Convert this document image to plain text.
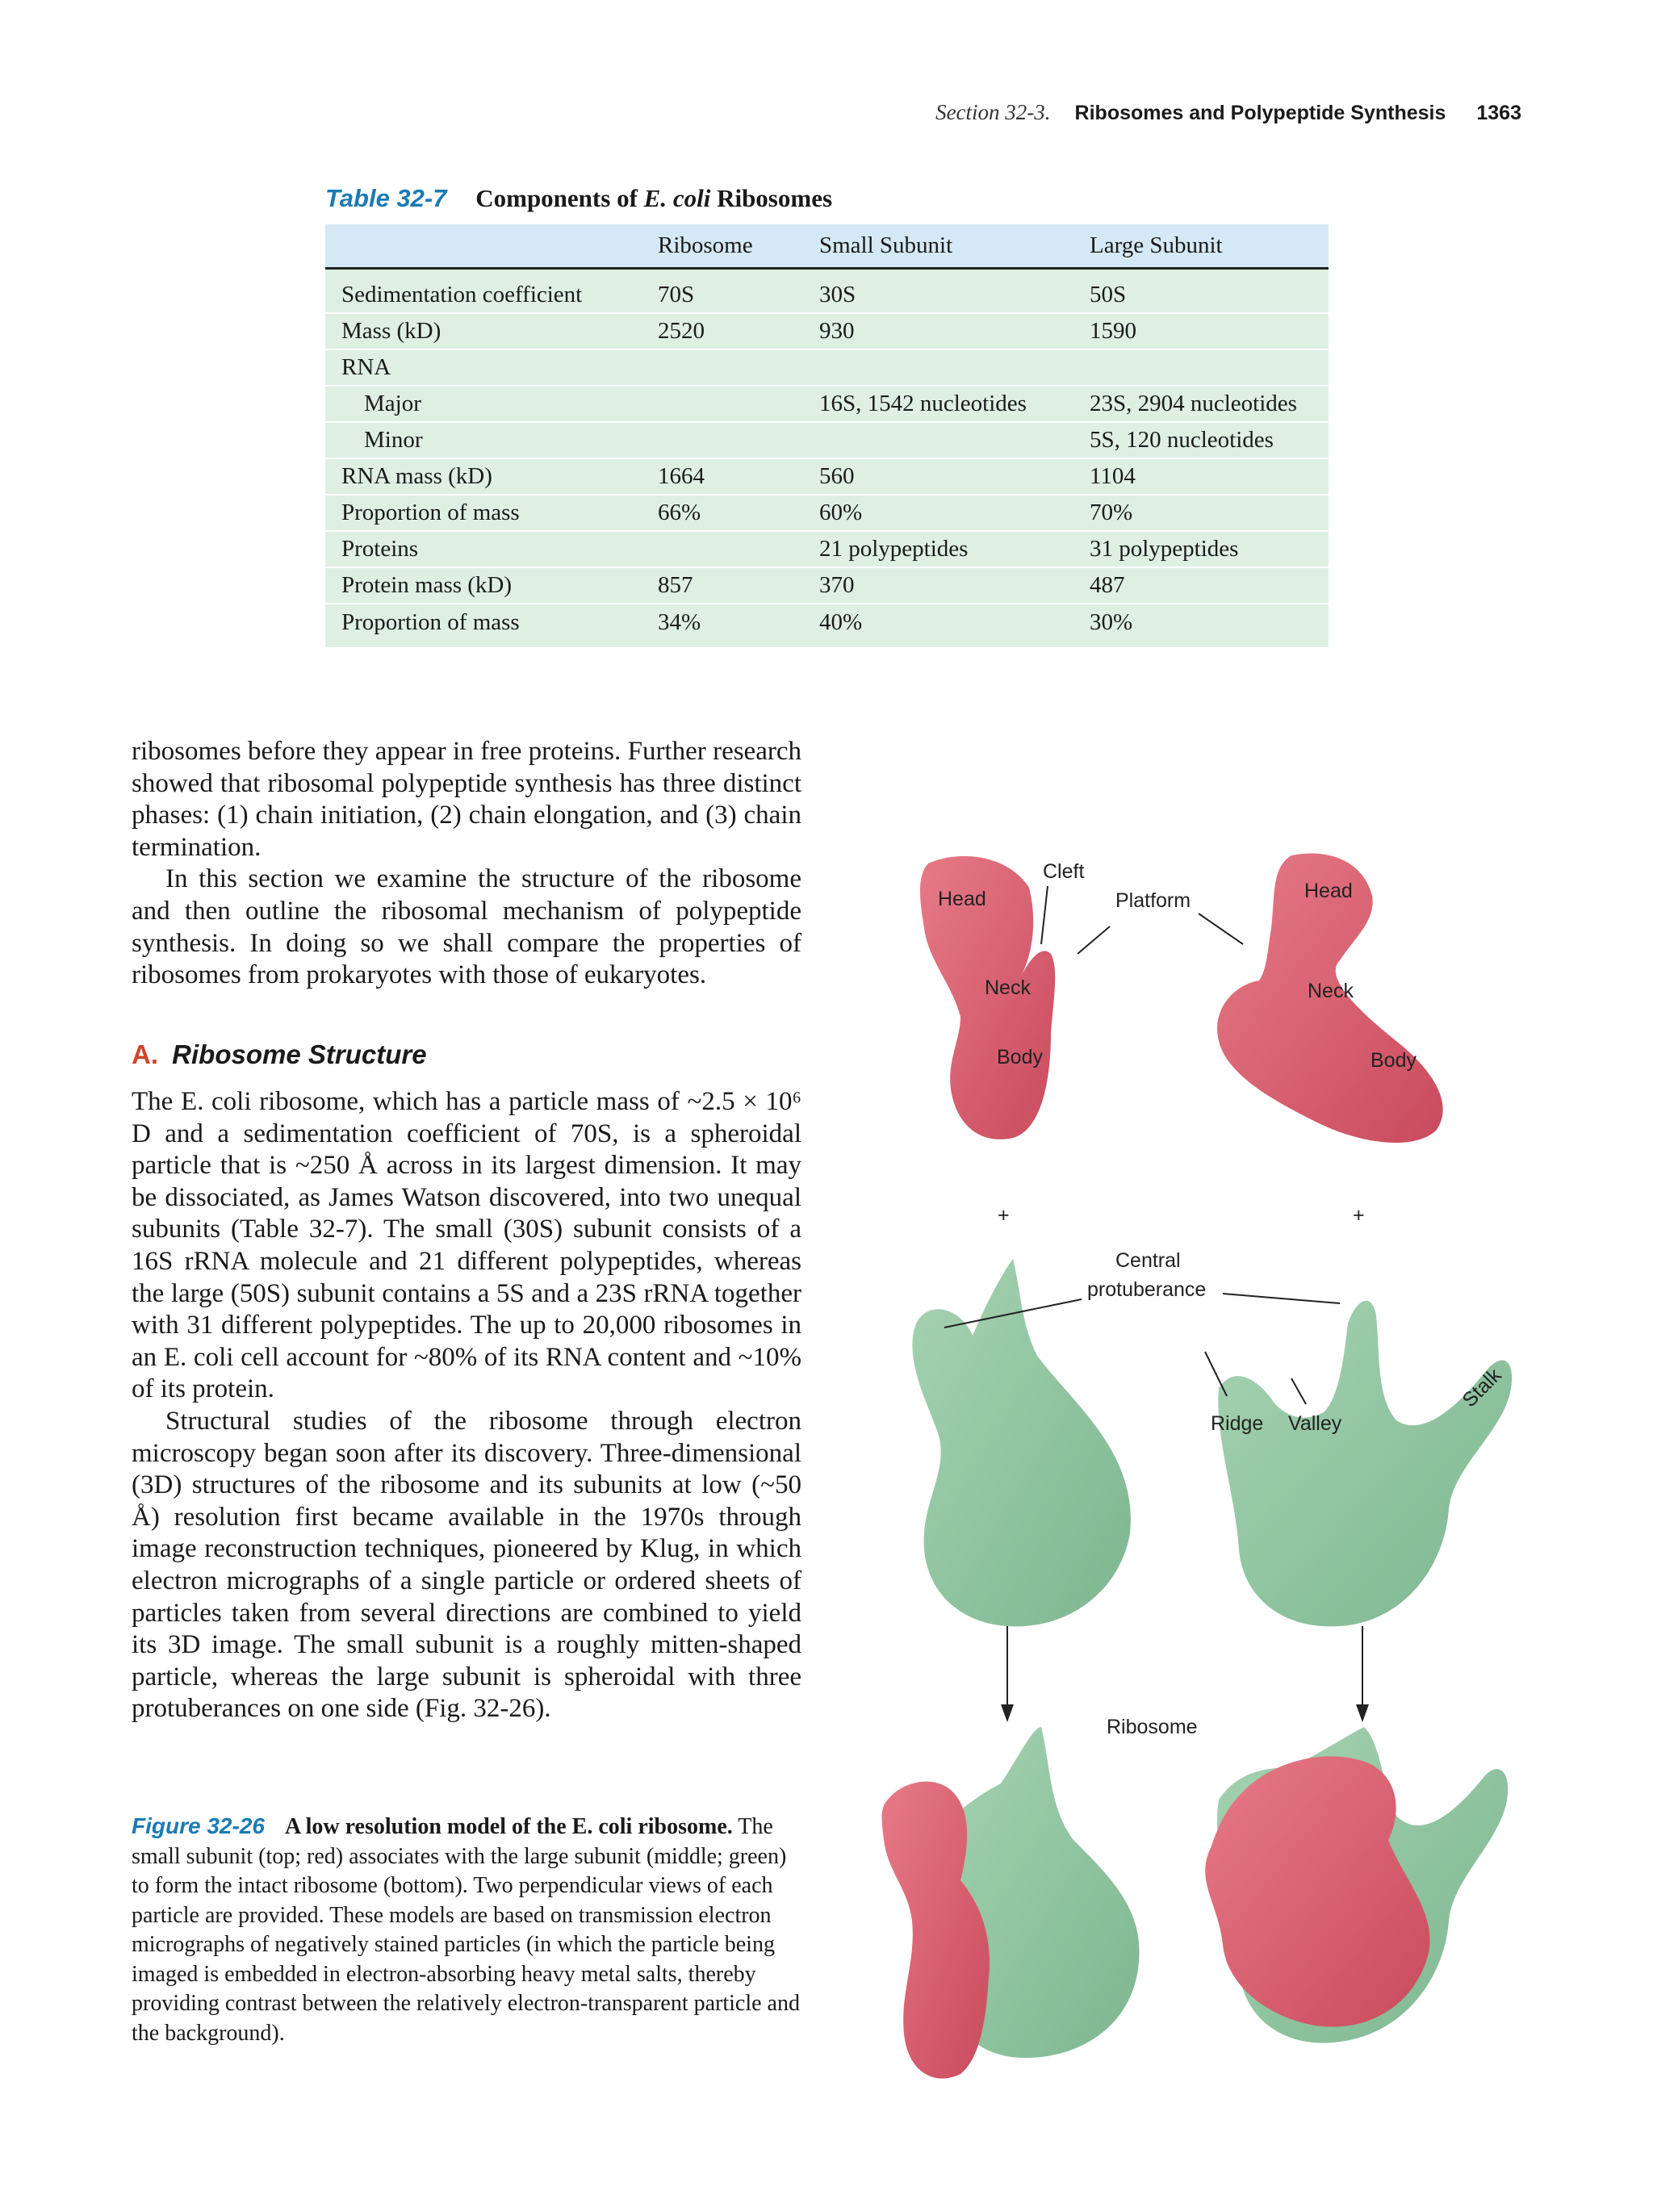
Section 32-3. Ribosomes and Polypeptide Synthesis 1363
Table 32-7 Components of E. coli Ribosomes
	Ribosome	Small Subunit	Large Subunit
Sedimentation coefficient	70S	30S	50S
Mass (kD)	2520	930	1590
RNA			
Major		16S, 1542 nucleotides	23S, 2904 nucleotides
Minor			5S, 120 nucleotides
RNA mass (kD)	1664	560	1104
Proportion of mass	66%	60%	70%
Proteins		21 polypeptides	31 polypeptides
Protein mass (kD)	857	370	487
Proportion of mass	34%	40%	30%

ribosomes before they appear in free proteins. Further research showed that ribosomal polypeptide synthesis has three distinct phases: (1) chain initiation, (2) chain elongation, and (3) chain termination.

In this section we examine the structure of the ribosome and then outline the ribosomal mechanism of polypeptide synthesis. In doing so we shall compare the properties of ribosomes from prokaryotes with those of eukaryotes.

A. Ribosome Structure

The E. coli ribosome, which has a particle mass of ~2.5 × 10⁶ D and a sedimentation coefficient of 70S, is a spheroidal particle that is ~250 Å across in its largest dimension. It may be dissociated, as James Watson discovered, into two unequal subunits (Table 32-7). The small (30S) subunit consists of a 16S rRNA molecule and 21 different polypeptides, whereas the large (50S) subunit contains a 5S and a 23S rRNA together with 31 different polypeptides. The up to 20,000 ribosomes in an E. coli cell account for ~80% of its RNA content and ~10% of its protein.

Structural studies of the ribosome through electron microscopy began soon after its discovery. Three-dimensional (3D) structures of the ribosome and its subunits at low (~50 Å) resolution first became available in the 1970s through image reconstruction techniques, pioneered by Klug, in which electron micrographs of a single particle or ordered sheets of particles taken from several directions are combined to yield its 3D image. The small subunit is a roughly mitten-shaped particle, whereas the large subunit is spheroidal with three protuberances on one side (Fig. 32-26).

Figure 32-26 A low resolution model of the E. coli ribosome. The small subunit (top; red) associates with the large subunit (middle; green) to form the intact ribosome (bottom). Two perpendicular views of each particle are provided. These models are based on transmission electron micrographs of negatively stained particles (in which the particle being imaged is embedded in electron-absorbing heavy metal salts, thereby providing contrast between the relatively electron-transparent particle and the background).
Head
Cleft
Platform	Head
Neck	Neck
Body	Body
+	+
Central
protuberance
Ridge Valley
Stalk
Ribosome
